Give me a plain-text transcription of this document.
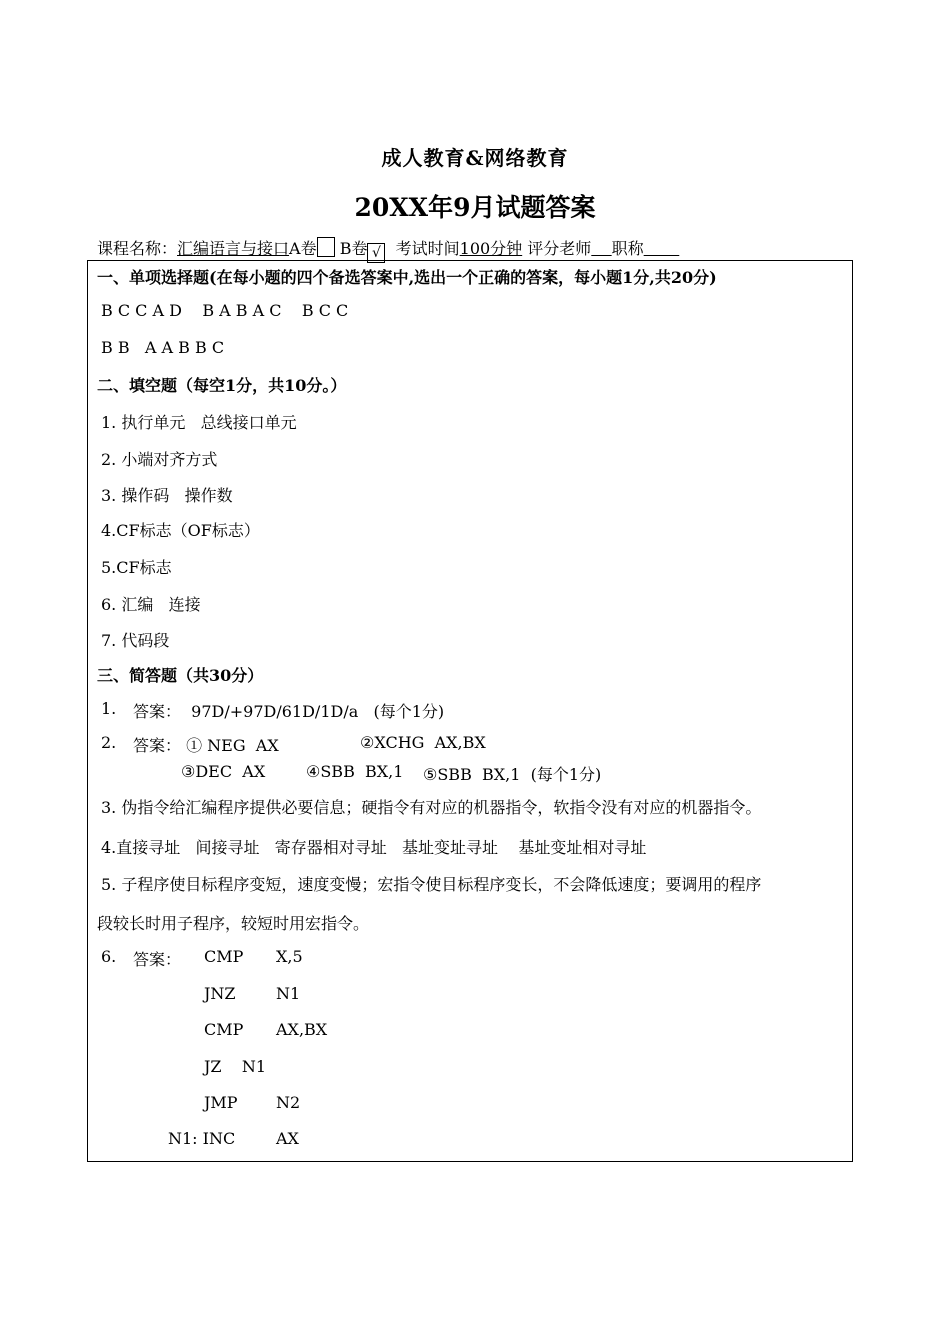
成人教育&网络教育
20XX年9月试题答案
课程名称：汇编语言与接口A卷 B卷 √ 考试时间100分钟 评分老师 职称
一、单项选择题(在每小题的四个备选答案中,选出一个正确的答案，每小题1分,共20分)
B C C A D    B A B A C    B C C
B B   A A B B C
二、填空题（每空1分，共10分。）
1. 执行单元   总线接口单元
2. 小端对齐方式
3. 操作码   操作数
4.CF标志（OF标志）
5.CF标志
6. 汇编   连接
7. 代码段
三、简答题（共30分）
1. 答案：  97D/+97D/61D/1D/a   (每个1分)
2. 答案： ① NEG  AX	②XCHG  AX,BX
③DEC  AX	④SBB  BX,1 ⑤SBB  BX,1  (每个1分)
3. 伪指令给汇编程序提供必要信息；硬指令有对应的机器指令，软指令没有对应的机器指令。
4.直接寻址   间接寻址   寄存器相对寻址   基址变址寻址    基址变址相对寻址
5. 子程序使目标程序变短，速度变慢；宏指令使目标程序变长，不会降低速度；要调用的程序
段较长时用子程序，较短时用宏指令。
6. 答案： CMP X,5
JNZ	N1
CMP AX,BX
JZ    N1
JMP N2
N1: INC	AX
